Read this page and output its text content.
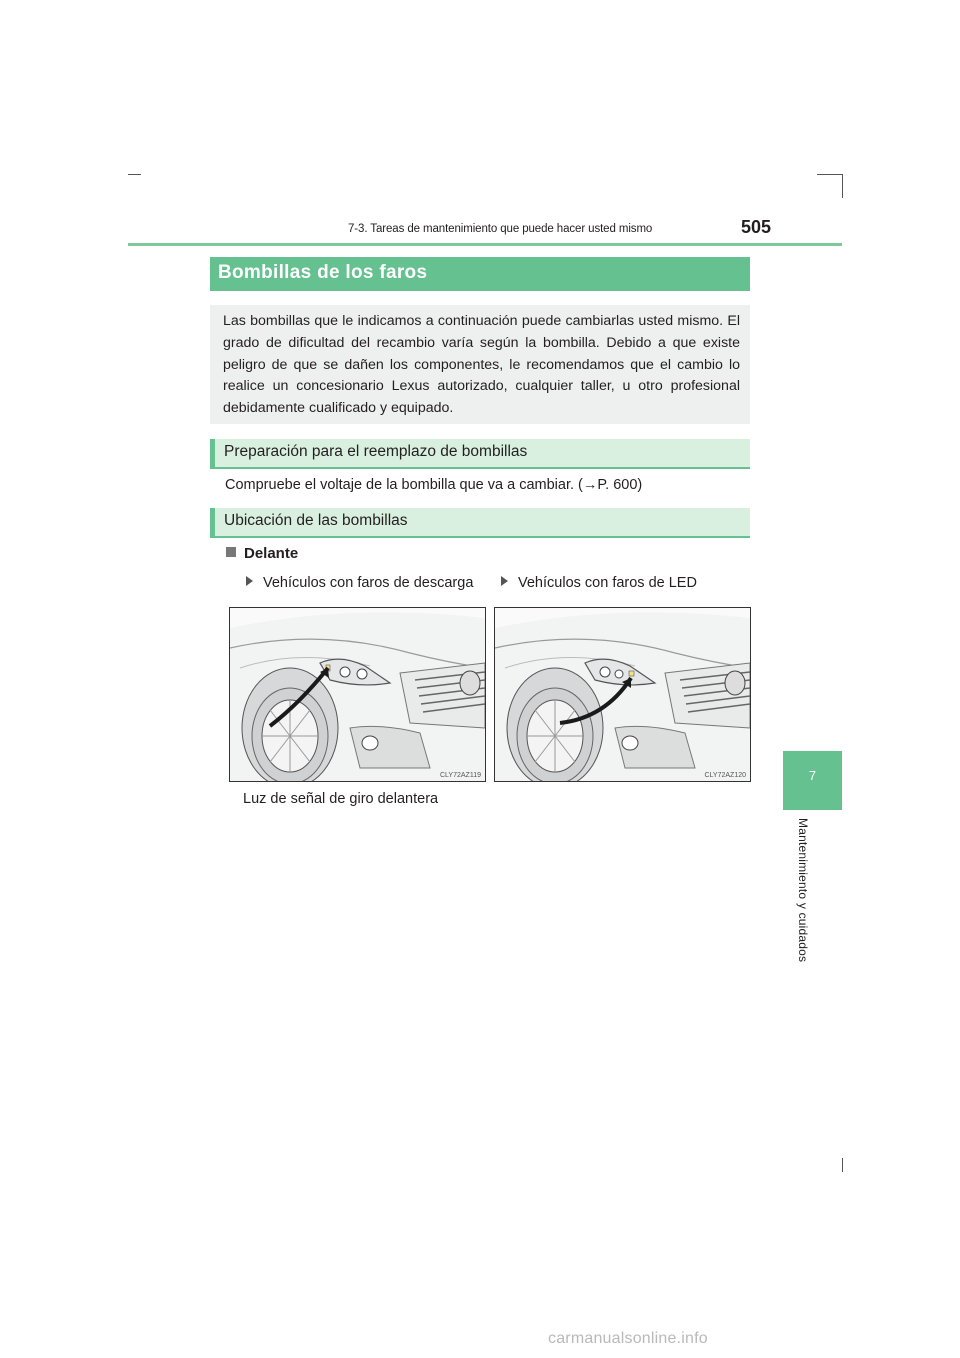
7-3. Tareas de mantenimiento que puede hacer usted mismo	505
7
Mantenimiento y cuidados
Bombillas de los faros
Las bombillas que le indicamos a continuación puede cambiarlas usted mismo. El grado de dificultad del recambio varía según la bombilla. Debido a que existe peligro de que se dañen los componentes, le recomendamos que el cambio lo realice un concesionario Lexus autorizado, cualquier taller, u otro profesional debidamente cualificado y equipado.
Preparación para el reemplazo de bombillas
Compruebe el voltaje de la bombilla que va a cambiar. (→P. 600)
Ubicación de las bombillas
Delante
Vehículos con faros de descarga	Vehículos con faros de LED
CLY72AZ119	CLY72AZ120
Luz de señal de giro delantera
carmanualsonline.info
